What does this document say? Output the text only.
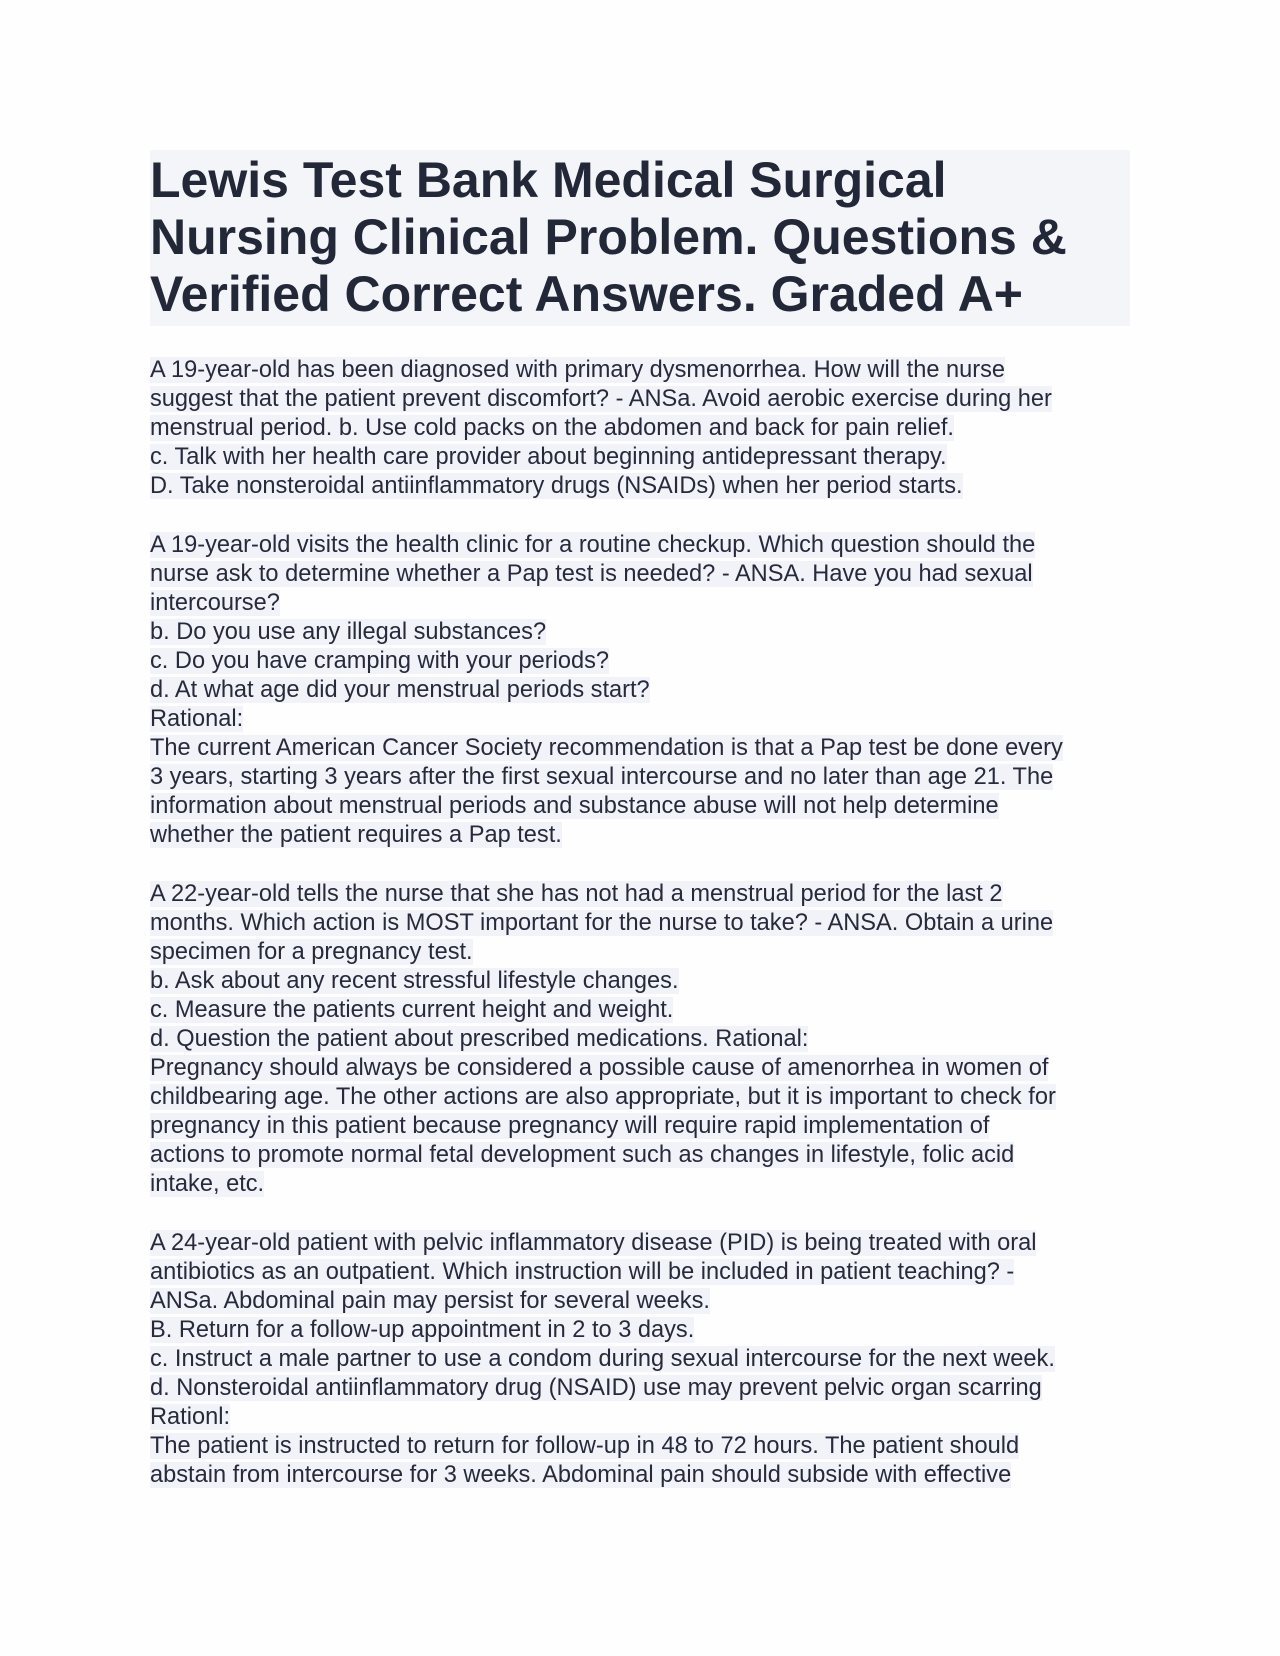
Lewis Test Bank Medical Surgical
Nursing Clinical Problem. Questions &
Verified Correct Answers. Graded A+
A 19-year-old has been diagnosed with primary dysmenorrhea. How will the nurse
suggest that the patient prevent discomfort? - ANSa. Avoid aerobic exercise during her
menstrual period. b. Use cold packs on the abdomen and back for pain relief.
c. Talk with her health care provider about beginning antidepressant therapy.
D. Take nonsteroidal antiinflammatory drugs (NSAIDs) when her period starts.
A 19-year-old visits the health clinic for a routine checkup. Which question should the
nurse ask to determine whether a Pap test is needed? - ANSA. Have you had sexual
intercourse?
b. Do you use any illegal substances?
c. Do you have cramping with your periods?
d. At what age did your menstrual periods start?
Rational:
The current American Cancer Society recommendation is that a Pap test be done every
3 years, starting 3 years after the first sexual intercourse and no later than age 21. The
information about menstrual periods and substance abuse will not help determine
whether the patient requires a Pap test.
A 22-year-old tells the nurse that she has not had a menstrual period for the last 2
months. Which action is MOST important for the nurse to take? - ANSA. Obtain a urine
specimen for a pregnancy test.
b. Ask about any recent stressful lifestyle changes.
c. Measure the patients current height and weight.
d. Question the patient about prescribed medications. Rational:
Pregnancy should always be considered a possible cause of amenorrhea in women of
childbearing age. The other actions are also appropriate, but it is important to check for
pregnancy in this patient because pregnancy will require rapid implementation of
actions to promote normal fetal development such as changes in lifestyle, folic acid
intake, etc.
A 24-year-old patient with pelvic inflammatory disease (PID) is being treated with oral
antibiotics as an outpatient. Which instruction will be included in patient teaching? -
ANSa. Abdominal pain may persist for several weeks.
B. Return for a follow-up appointment in 2 to 3 days.
c. Instruct a male partner to use a condom during sexual intercourse for the next week.
d. Nonsteroidal antiinflammatory drug (NSAID) use may prevent pelvic organ scarring
Rationl:
The patient is instructed to return for follow-up in 48 to 72 hours. The patient should
abstain from intercourse for 3 weeks. Abdominal pain should subside with effective
